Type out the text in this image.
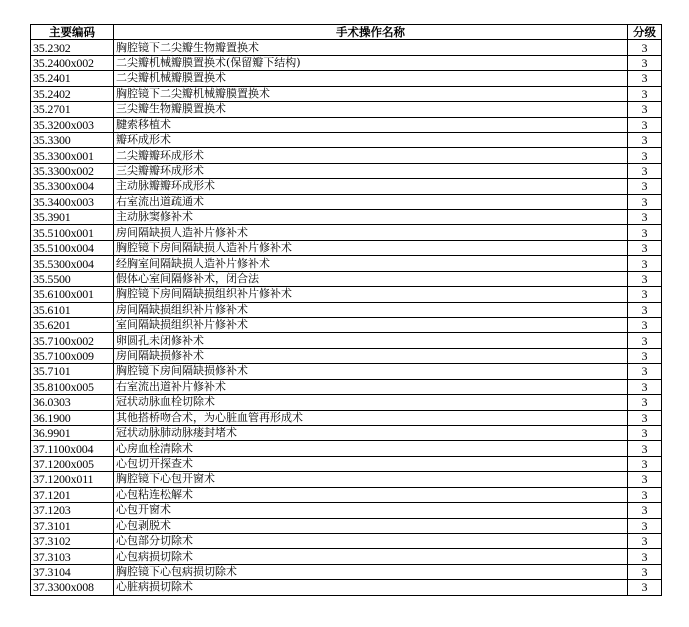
主要编码	手术操作名称	分级
35.2302	胸腔镜下二尖瓣生物瓣置换术	3
35.2400x002	二尖瓣机械瓣膜置换术(保留瓣下结构)	3
35.2401	二尖瓣机械瓣膜置换术	3
35.2402	胸腔镜下二尖瓣机械瓣膜置换术	3
35.2701	三尖瓣生物瓣膜置换术	3
35.3200x003	腱索移植术	3
35.3300	瓣环成形术	3
35.3300x001	二尖瓣瓣环成形术	3
35.3300x002	三尖瓣瓣环成形术	3
35.3300x004	主动脉瓣瓣环成形术	3
35.3400x003	右室流出道疏通术	3
35.3901	主动脉窦修补术	3
35.5100x001	房间隔缺损人造补片修补术	3
35.5100x004	胸腔镜下房间隔缺损人造补片修补术	3
35.5300x004	经胸室间隔缺损人造补片修补术	3
35.5500	假体心室间隔修补术，闭合法	3
35.6100x001	胸腔镜下房间隔缺损组织补片修补术	3
35.6101	房间隔缺损组织补片修补术	3
35.6201	室间隔缺损组织补片修补术	3
35.7100x002	卵圆孔未闭修补术	3
35.7100x009	房间隔缺损修补术	3
35.7101	胸腔镜下房间隔缺损修补术	3
35.8100x005	右室流出道补片修补术	3
36.0303	冠状动脉血栓切除术	3
36.1900	其他搭桥吻合术，为心脏血管再形成术	3
36.9901	冠状动脉肺动脉瘘封堵术	3
37.1100x004	心房血栓清除术	3
37.1200x005	心包切开探查术	3
37.1200x011	胸腔镜下心包开窗术	3
37.1201	心包粘连松解术	3
37.1203	心包开窗术	3
37.3101	心包剥脱术	3
37.3102	心包部分切除术	3
37.3103	心包病损切除术	3
37.3104	胸腔镜下心包病损切除术	3
37.3300x008	心脏病损切除术	3
